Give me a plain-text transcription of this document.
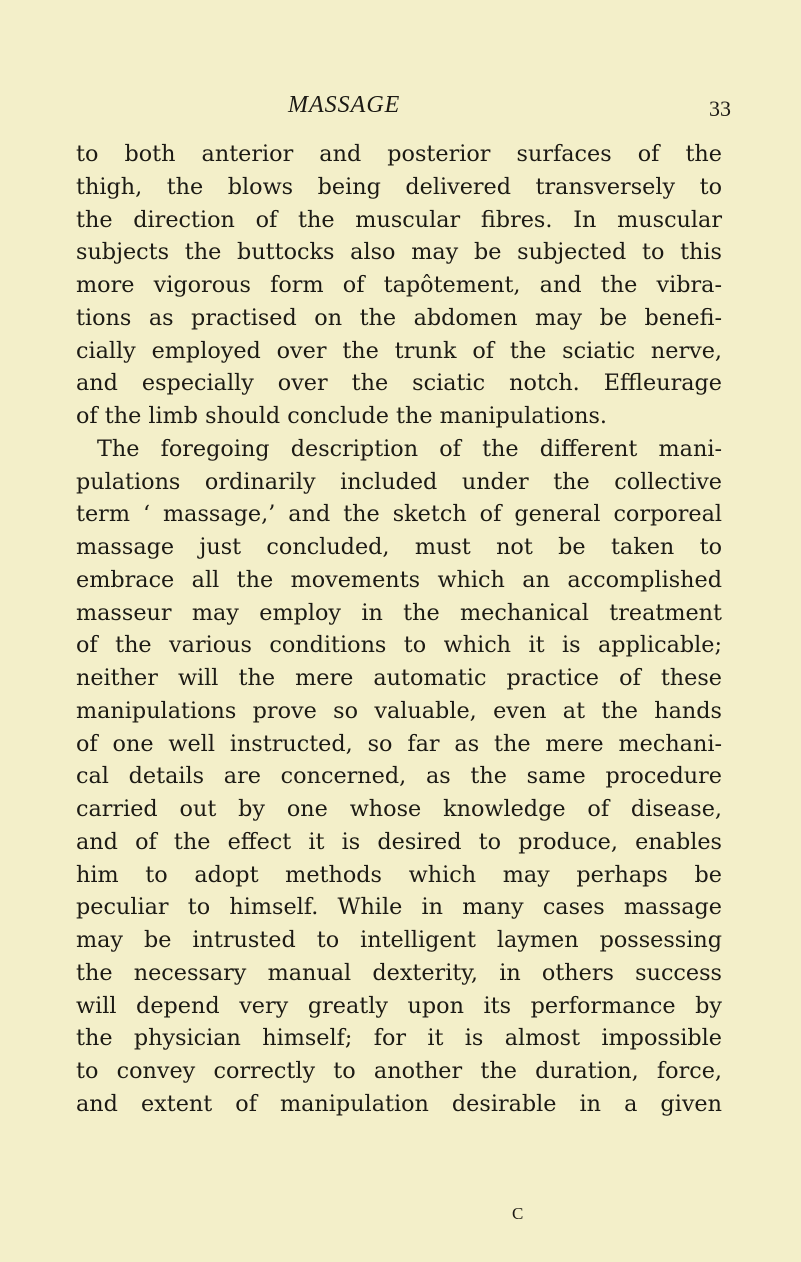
MASSAGE	33
to both anterior and posterior surfaces of the
thigh, the blows being delivered transversely to
the direction of the muscular fibres. In muscular
subjects the buttocks also may be subjected to this
more vigorous form of tapôtement, and the vibra-
tions as practised on the abdomen may be benefi-
cially employed over the trunk of the sciatic nerve,
and especially over the sciatic notch. Effleurage
of the limb should conclude the manipulations.
The foregoing description of the different mani-
pulations ordinarily included under the collective
term ‘ massage,’ and the sketch of general corporeal
massage just concluded, must not be taken to
embrace all the movements which an accomplished
masseur may employ in the mechanical treatment
of the various conditions to which it is applicable;
neither will the mere automatic practice of these
manipulations prove so valuable, even at the hands
of one well instructed, so far as the mere mechani-
cal details are concerned, as the same procedure
carried out by one whose knowledge of disease,
and of the effect it is desired to produce, enables
him to adopt methods which may perhaps be
peculiar to himself. While in many cases massage
may be intrusted to intelligent laymen possessing
the necessary manual dexterity, in others success
will depend very greatly upon its performance by
the physician himself; for it is almost impossible
to convey correctly to another the duration, force,
and extent of manipulation desirable in a given
C
